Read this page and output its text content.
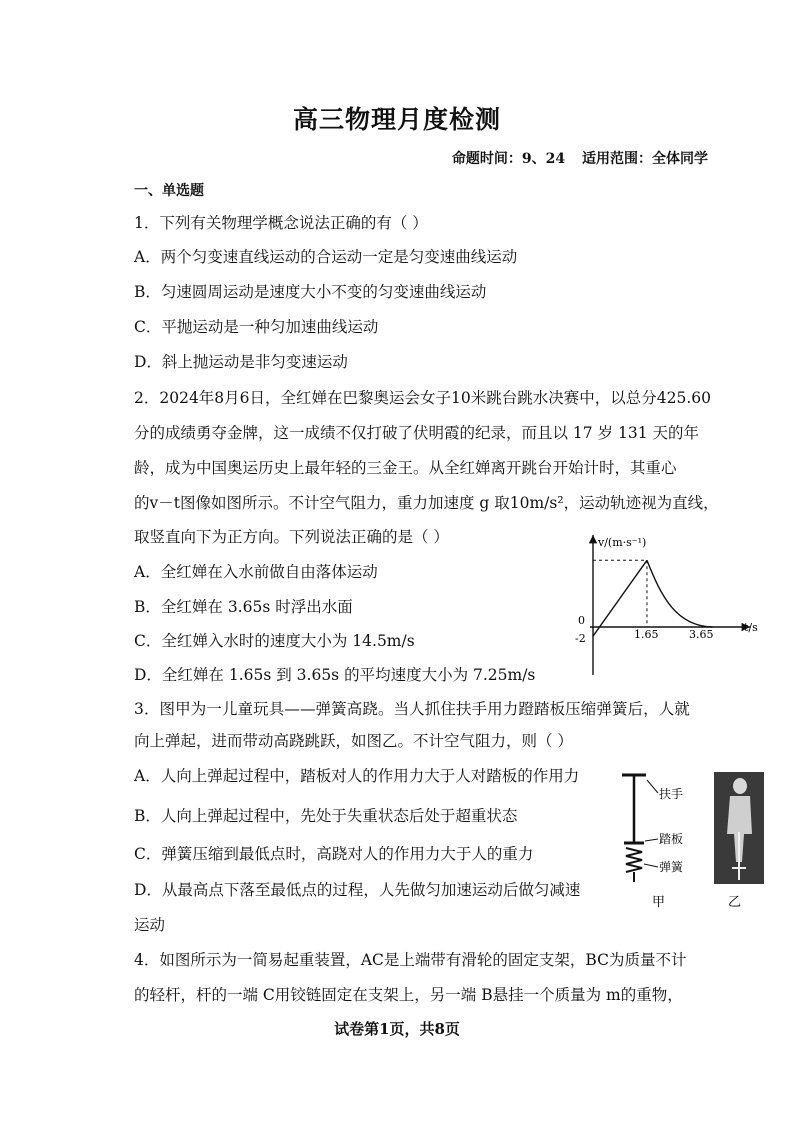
高三物理月度检测
命题时间：9、24 适用范围：全体同学
一、单选题
1．下列有关物理学概念说法正确的有（ ）
A．两个匀变速直线运动的合运动一定是匀变速曲线运动
B．匀速圆周运动是速度大小不变的匀变速曲线运动
C．平抛运动是一种匀加速曲线运动
D．斜上抛运动是非匀变速运动
2．2024年8月6日，全红婵在巴黎奥运会女子10米跳台跳水决赛中，以总分425.60
分的成绩勇夺金牌，这一成绩不仅打破了伏明霞的纪录，而且以 17 岁 131 天的年
龄，成为中国奥运历史上最年轻的三金王。从全红婵离开跳台开始计时，其重心
的v－t图像如图所示。不计空气阻力，重力加速度 g 取10m/s²，运动轨迹视为直线，
取竖直向下为正方向。下列说法正确的是（ ）
A．全红婵在入水前做自由落体运动
B．全红婵在 3.65s 时浮出水面
C．全红婵入水时的速度大小为 14.5m/s
D．全红婵在 1.65s 到 3.65s 的平均速度大小为 7.25m/s
v/(m·s⁻¹)
t/s
0
-2	1.65	3.65
3．图甲为一儿童玩具——弹簧高跷。当人抓住扶手用力蹬踏板压缩弹簧后，人就
向上弹起，进而带动高跷跳跃，如图乙。不计空气阻力，则（ ）
A．人向上弹起过程中，踏板对人的作用力大于人对踏板的作用力
B．人向上弹起过程中，先处于失重状态后处于超重状态
C．弹簧压缩到最低点时，高跷对人的作用力大于人的重力
D．从最高点下落至最低点的过程，人先做匀加速运动后做匀减速
运动
扶手
踏板
弹簧
甲	乙
4．如图所示为一简易起重装置，AC是上端带有滑轮的固定支架，BC为质量不计
的轻杆，杆的一端 C用铰链固定在支架上，另一端 B悬挂一个质量为 m的重物，
试卷第1页，共8页
